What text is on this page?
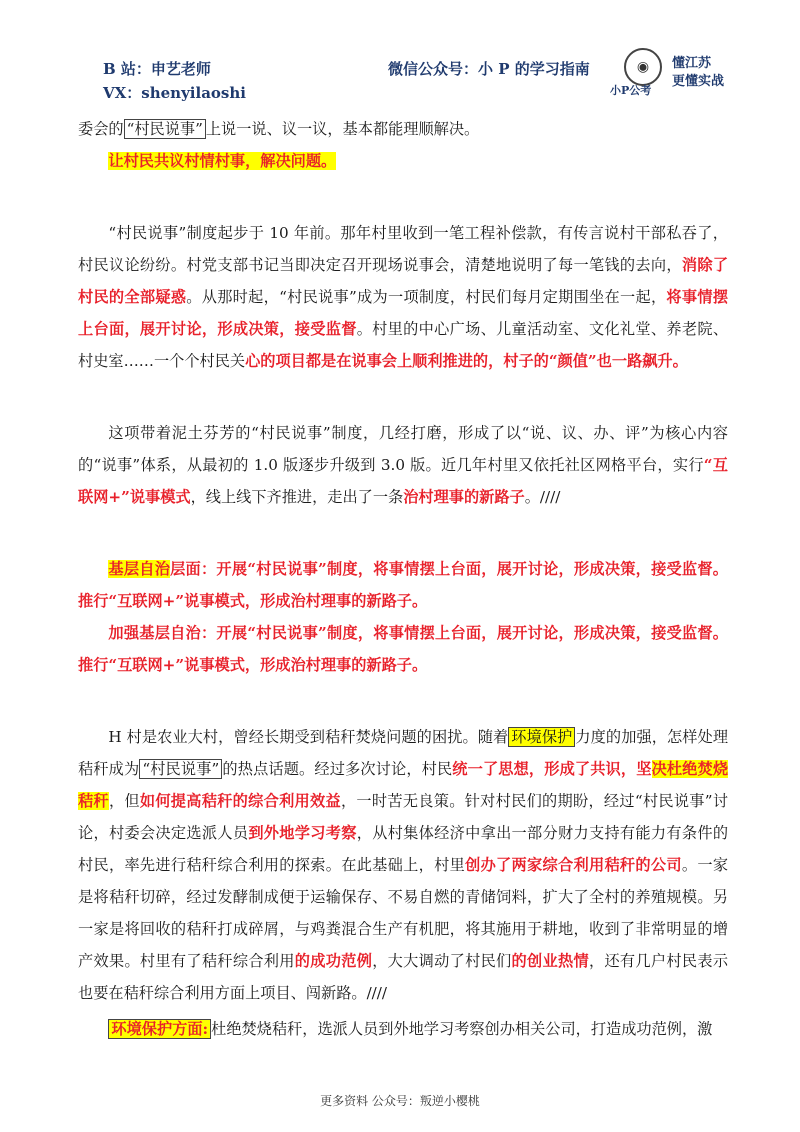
B 站：申艺老师
VX：shenyilaoshi
微信公众号：小 P 的学习指南	◉
小P公考
懂江苏
更懂实战

委会的 “村民说事” 上说一说、议一议，基本都能理顺解决。

让村民共议村情村事，解决问题。

“村民说事”制度起步于 10 年前。那年村里收到一笔工程补偿款，有传言说村干部私吞了，村民议论纷纷。村党支部书记当即决定召开现场说事会，清楚地说明了每一笔钱的去向，消除了村民的全部疑惑。从那时起，“村民说事”成为一项制度，村民们每月定期围坐在一起，将事情摆上台面，展开讨论，形成决策，接受监督。村里的中心广场、儿童活动室、文化礼堂、养老院、村史室……一个个村民关心的项目都是在说事会上顺利推进的，村子的“颜值”也一路飙升。

这项带着泥土芬芳的“村民说事”制度，几经打磨，形成了以“说、议、办、评”为核心内容的“说事”体系，从最初的 1.0 版逐步升级到 3.0 版。近几年村里又依托社区网格平台，实行“互联网+”说事模式，线上线下齐推进，走出了一条治村理事的新路子。////

基层自治层面：开展“村民说事”制度，将事情摆上台面，展开讨论，形成决策，接受监督。推行“互联网+”说事模式，形成治村理事的新路子。

加强基层自治：开展“村民说事”制度，将事情摆上台面，展开讨论，形成决策，接受监督。推行“互联网+”说事模式，形成治村理事的新路子。

H 村是农业大村，曾经长期受到秸秆焚烧问题的困扰。随着 环境保护 力度的加强，怎样处理秸秆成为 “村民说事” 的热点话题。经过多次讨论，村民统一了思想，形成了共识，坚决杜绝焚烧秸秆，但如何提高秸秆的综合利用效益，一时苦无良策。针对村民们的期盼，经过“村民说事”讨论，村委会决定选派人员到外地学习考察，从村集体经济中拿出一部分财力支持有能力有条件的村民，率先进行秸秆综合利用的探索。在此基础上，村里创办了两家综合利用秸秆的公司。一家是将秸秆切碎，经过发酵制成便于运输保存、不易自燃的青储饲料，扩大了全村的养殖规模。另一家是将回收的秸秆打成碎屑，与鸡粪混合生产有机肥，将其施用于耕地，收到了非常明显的增产效果。村里有了秸秆综合利用的成功范例，大大调动了村民们的创业热情，还有几户村民表示也要在秸秆综合利用方面上项目、闯新路。////

环境保护方面: 杜绝焚烧秸秆，选派人员到外地学习考察创办相关公司，打造成功范例，激

更多资料 公众号：叛逆小樱桃
